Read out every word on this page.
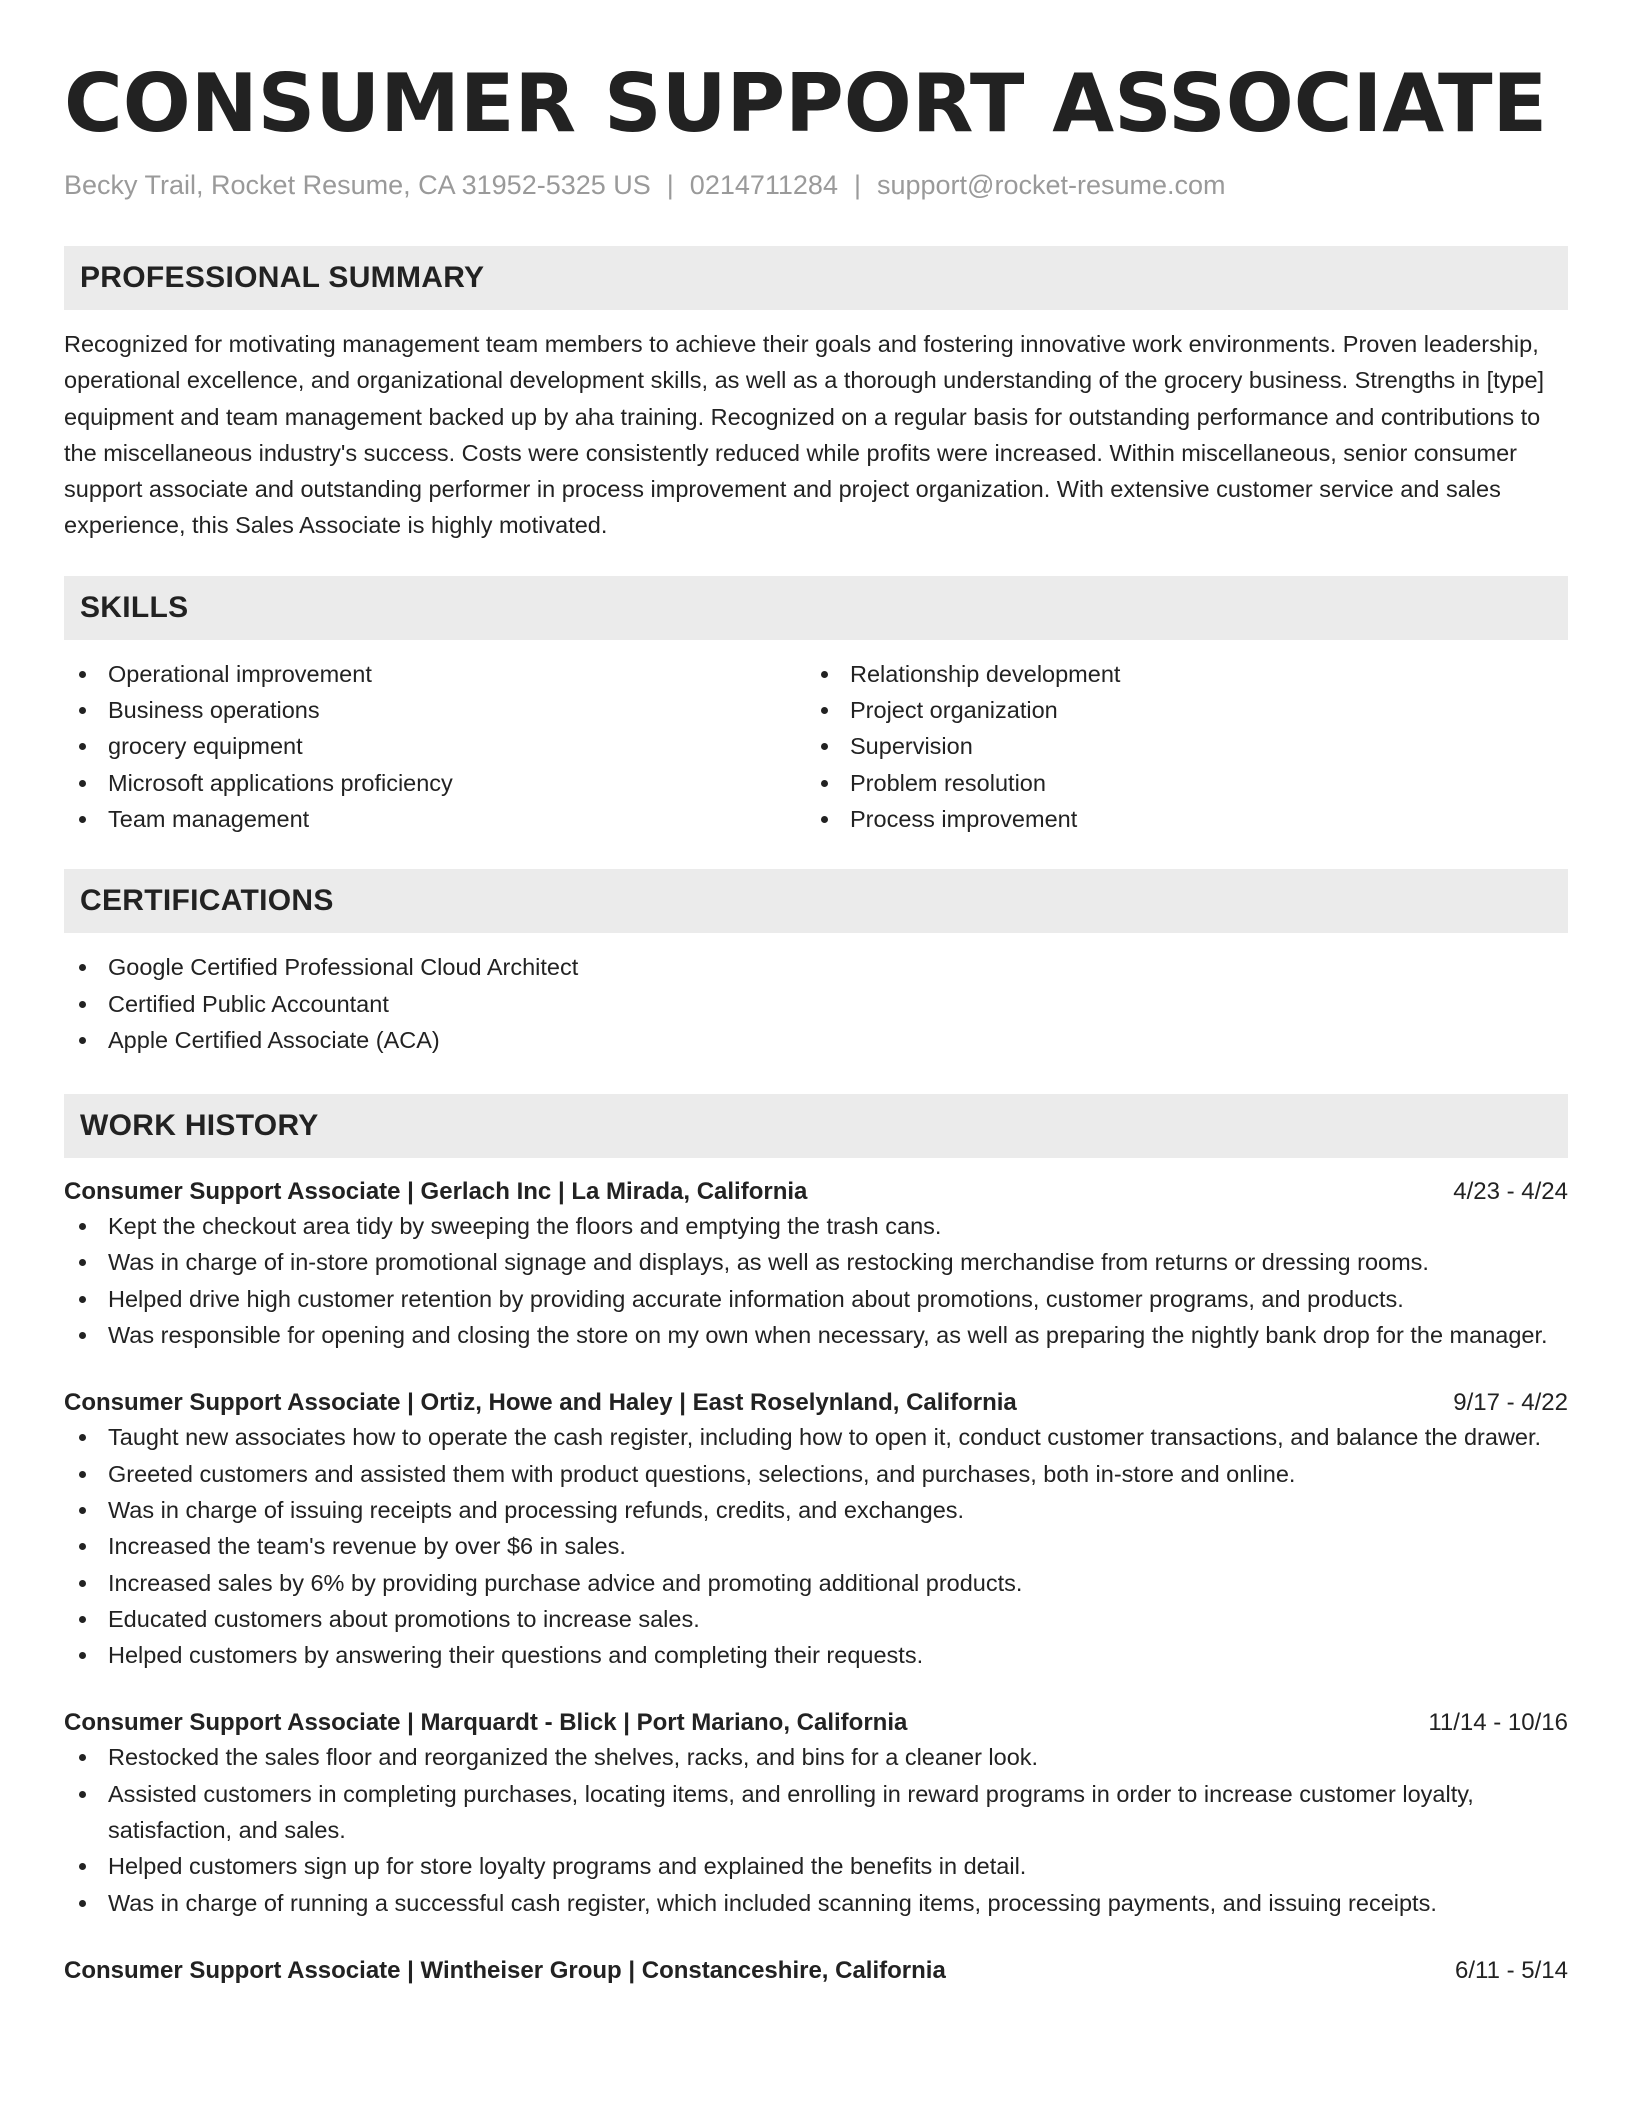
CONSUMER SUPPORT ASSOCIATE
Becky Trail, Rocket Resume, CA 31952-5325 US | 0214711284 | support@rocket-resume.com
PROFESSIONAL SUMMARY
Recognized for motivating management team members to achieve their goals and fostering innovative work environments. Proven leadership, operational excellence, and organizational development skills, as well as a thorough understanding of the grocery business. Strengths in [type] equipment and team management backed up by aha training. Recognized on a regular basis for outstanding performance and contributions to the miscellaneous industry's success. Costs were consistently reduced while profits were increased. Within miscellaneous, senior consumer support associate and outstanding performer in process improvement and project organization. With extensive customer service and sales experience, this Sales Associate is highly motivated.
SKILLS
Operational improvement
Business operations
grocery equipment
Microsoft applications proficiency
Team management
Relationship development
Project organization
Supervision
Problem resolution
Process improvement
CERTIFICATIONS
Google Certified Professional Cloud Architect
Certified Public Accountant
Apple Certified Associate (ACA)
WORK HISTORY
Consumer Support Associate | Gerlach Inc | La Mirada, California	4/23 - 4/24
Kept the checkout area tidy by sweeping the floors and emptying the trash cans.
Was in charge of in-store promotional signage and displays, as well as restocking merchandise from returns or dressing rooms.
Helped drive high customer retention by providing accurate information about promotions, customer programs, and products.
Was responsible for opening and closing the store on my own when necessary, as well as preparing the nightly bank drop for the manager.
Consumer Support Associate | Ortiz, Howe and Haley | East Roselynland, California	9/17 - 4/22
Taught new associates how to operate the cash register, including how to open it, conduct customer transactions, and balance the drawer.
Greeted customers and assisted them with product questions, selections, and purchases, both in-store and online.
Was in charge of issuing receipts and processing refunds, credits, and exchanges.
Increased the team's revenue by over $6 in sales.
Increased sales by 6% by providing purchase advice and promoting additional products.
Educated customers about promotions to increase sales.
Helped customers by answering their questions and completing their requests.
Consumer Support Associate | Marquardt - Blick | Port Mariano, California	11/14 - 10/16
Restocked the sales floor and reorganized the shelves, racks, and bins for a cleaner look.
Assisted customers in completing purchases, locating items, and enrolling in reward programs in order to increase customer loyalty, satisfaction, and sales.
Helped customers sign up for store loyalty programs and explained the benefits in detail.
Was in charge of running a successful cash register, which included scanning items, processing payments, and issuing receipts.
Consumer Support Associate | Wintheiser Group | Constanceshire, California	6/11 - 5/14
